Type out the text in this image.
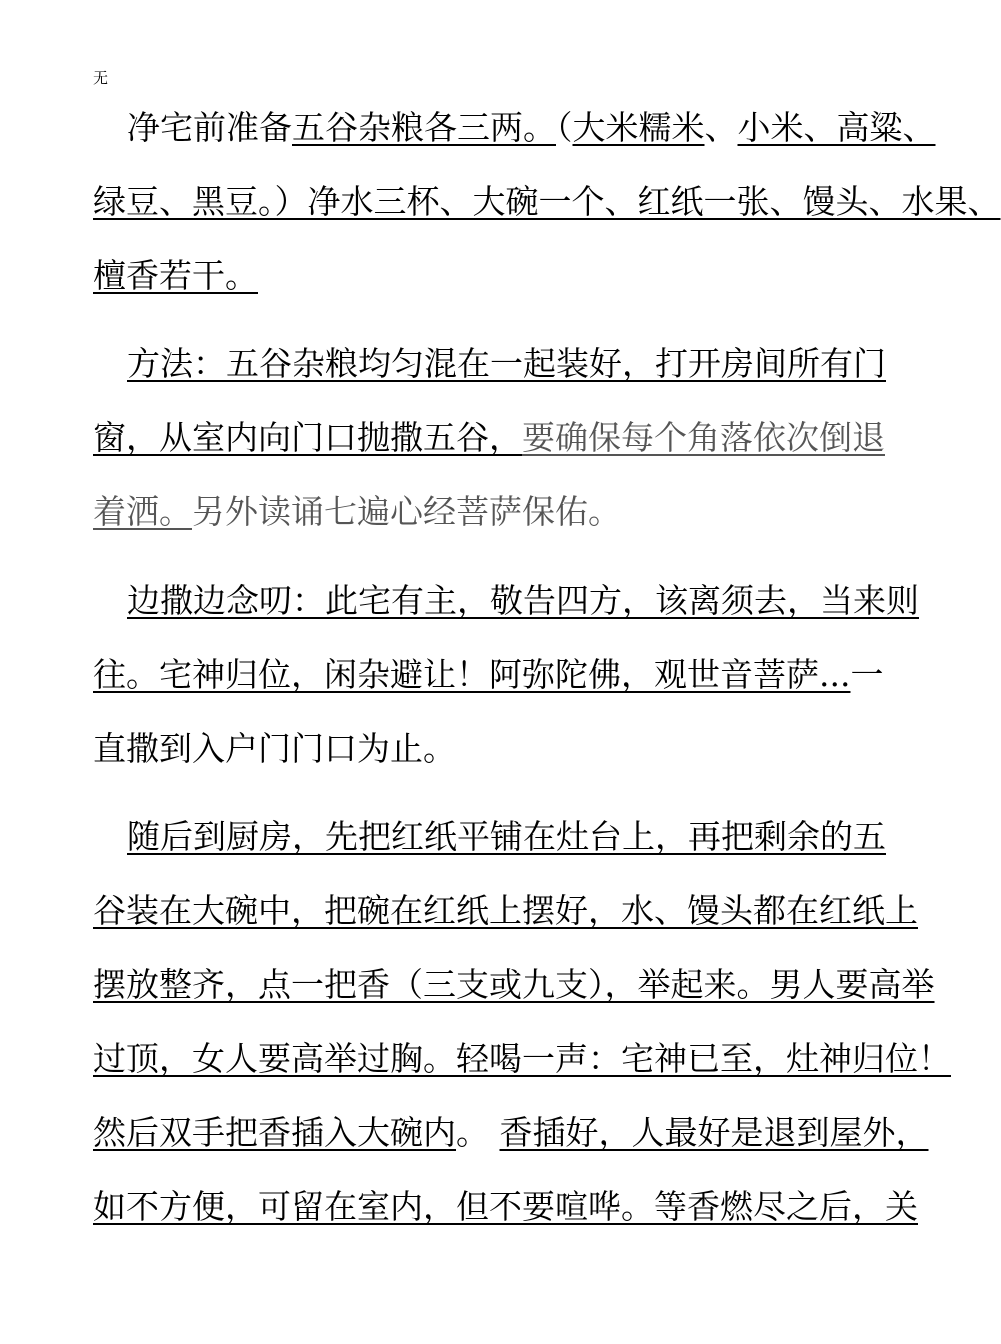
无
净宅前准备五谷杂粮各三两。（大米糯米、小米、高粱、
绿豆、黑豆。）净水三杯、大碗一个、红纸一张、馒头、水果、
檀香若干。
方法：五谷杂粮均匀混在一起装好，打开房间所有门
窗，从室内向门口抛撒五谷，要确保每个角落依次倒退
着洒。另外读诵七遍心经菩萨保佑。
边撒边念叨：此宅有主，敬告四方，该离须去，当来则
往。宅神归位，闲杂避让！阿弥陀佛，观世音菩萨...一
直撒到入户门门口为止。
随后到厨房，先把红纸平铺在灶台上，再把剩余的五
谷装在大碗中，把碗在红纸上摆好，水、馒头都在红纸上
摆放整齐，点一把香（三支或九支），举起来。男人要高举
过顶，女人要高举过胸。轻喝一声：宅神已至，灶神归位！
然后双手把香插入大碗内。 香插好，人最好是退到屋外，
如不方便，可留在室内，但不要喧哗。等香燃尽之后，关
